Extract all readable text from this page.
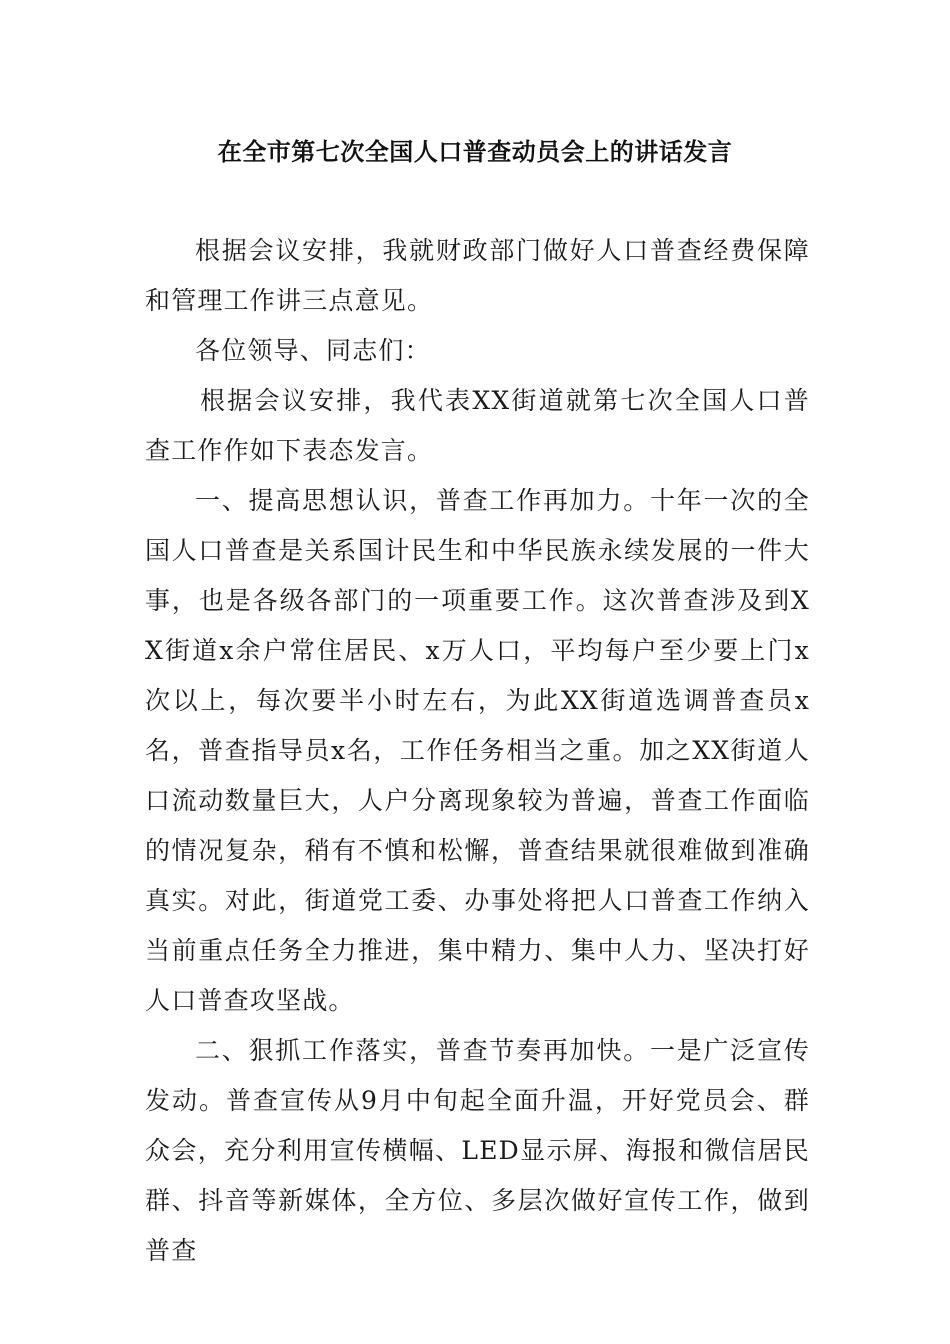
在全市第七次全国人口普查动员会上的讲话发言

根据会议安排，我就财政部门做好人口普查经费保障和管理工作讲三点意见。

各位领导、同志们：

根据会议安排，我代表XX街道就第七次全国人口普查工作作如下表态发言。

一、提高思想认识，普查工作再加力。十年一次的全国人口普查是关系国计民生和中华民族永续发展的一件大事，也是各级各部门的一项重要工作。这次普查涉及到XX街道x余户常住居民、x万人口，平均每户至少要上门x次以上，每次要半小时左右，为此XX街道选调普查员x名，普查指导员x名，工作任务相当之重。加之XX街道人口流动数量巨大，人户分离现象较为普遍，普查工作面临的情况复杂，稍有不慎和松懈，普查结果就很难做到准确真实。对此，街道党工委、办事处将把人口普查工作纳入当前重点任务全力推进，集中精力、集中人力、坚决打好人口普查攻坚战。

二、狠抓工作落实，普查节奏再加快。一是广泛宣传发动。普查宣传从9月中旬起全面升温，开好党员会、群众会，充分利用宣传横幅、LED显示屏、海报和微信居民群、抖音等新媒体，全方位、多层次做好宣传工作，做到普查
